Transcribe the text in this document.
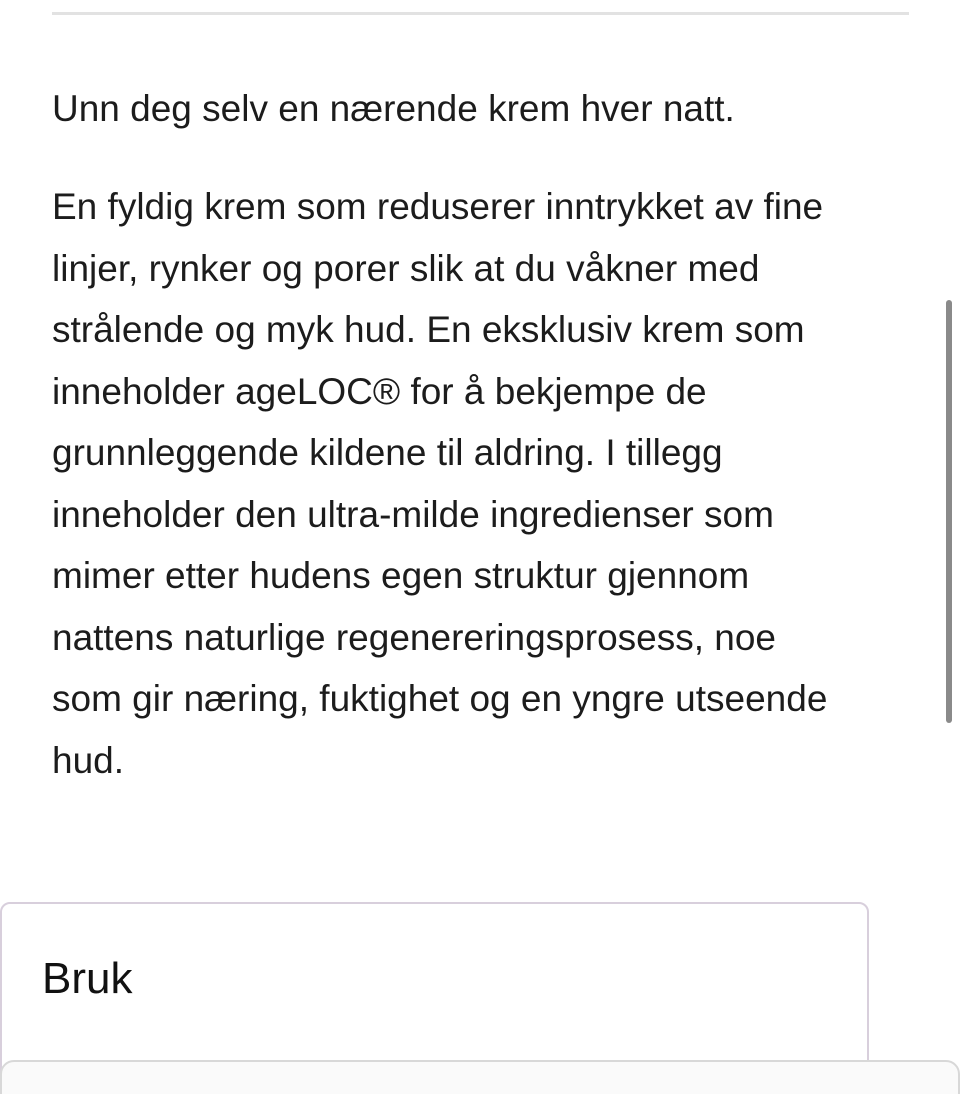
Unn deg selv en nærende krem hver natt.

En fyldig krem som reduserer inntrykket av fine
linjer, rynker og porer slik at du våkner med
strålende og myk hud. En eksklusiv krem som
inneholder ageLOC® for å bekjempe de
grunnleggende kildene til aldring. I tillegg
inneholder den ultra-milde ingredienser som
mimer etter hudens egen struktur gjennom
nattens naturlige regenereringsprosess, noe
som gir næring, fuktighet og en yngre utseende
hud.

Bruk
